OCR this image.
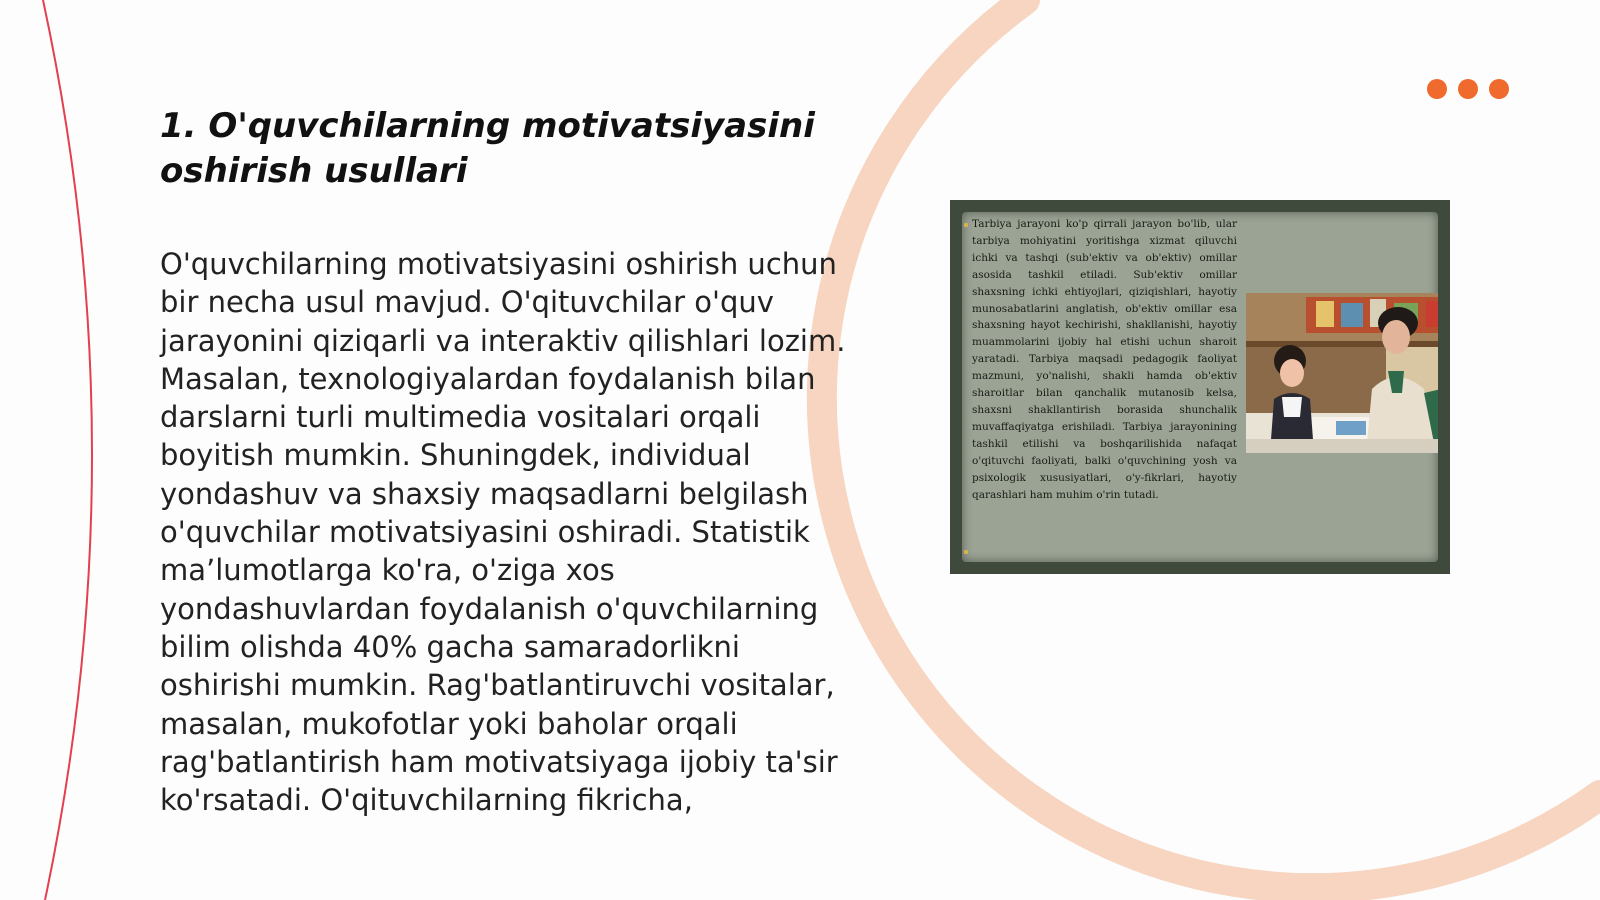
1. O'quvchilarning motivatsiyasini oshirish usullari

O'quvchilarning motivatsiyasini oshirish uchun bir necha usul mavjud. O'qituvchilar o'quv jarayonini qiziqarli va interaktiv qilishlari lozim. Masalan, texnologiyalardan foydalanish bilan darslarni turli multimedia vositalari orqali boyitish mumkin. Shuningdek, individual yondashuv va shaxsiy maqsadlarni belgilash o'quvchilar motivatsiyasini oshiradi. Statistik ma’lumotlarga ko'ra, o'ziga xos yondashuvlardan foydalanish o'quvchilarning bilim olishda 40% gacha samaradorlikni oshirishi mumkin. Rag'batlantiruvchi vositalar, masalan, mukofotlar yoki baholar orqali rag'batlantirish ham motivatsiyaga ijobiy ta'sir ko'rsatadi. O'qituvchilarning fikricha,

Tarbiya jarayoni ko'p qirrali jarayon bo'lib, ular tarbiya mohiyatini yoritishga xizmat qiluvchi ichki va tashqi (sub'ektiv va ob'ektiv) omillar asosida tashkil etiladi. Sub'ektiv omillar shaxsning ichki ehtiyojlari, qiziqishlari, hayotiy munosabatlarini anglatish, ob'ektiv omillar esa shaxsning hayot kechirishi, shakllanishi, hayotiy muammolarini ijobiy hal etishi uchun sharoit yaratadi. Tarbiya maqsadi pedagogik faoliyat mazmuni, yo'nalishi, shakli hamda ob'ektiv sharoitlar bilan qanchalik mutanosib kelsa, shaxsni shakllantirish borasida shunchalik muvaffaqiyatga erishiladi. Tarbiya jarayonining tashkil etilishi va boshqarilishida nafaqat o'qituvchi faoliyati, balki o'quvchining yosh va psixologik xususiyatlari, o'y-fikrlari, hayotiy qarashlari ham muhim o'rin tutadi.
